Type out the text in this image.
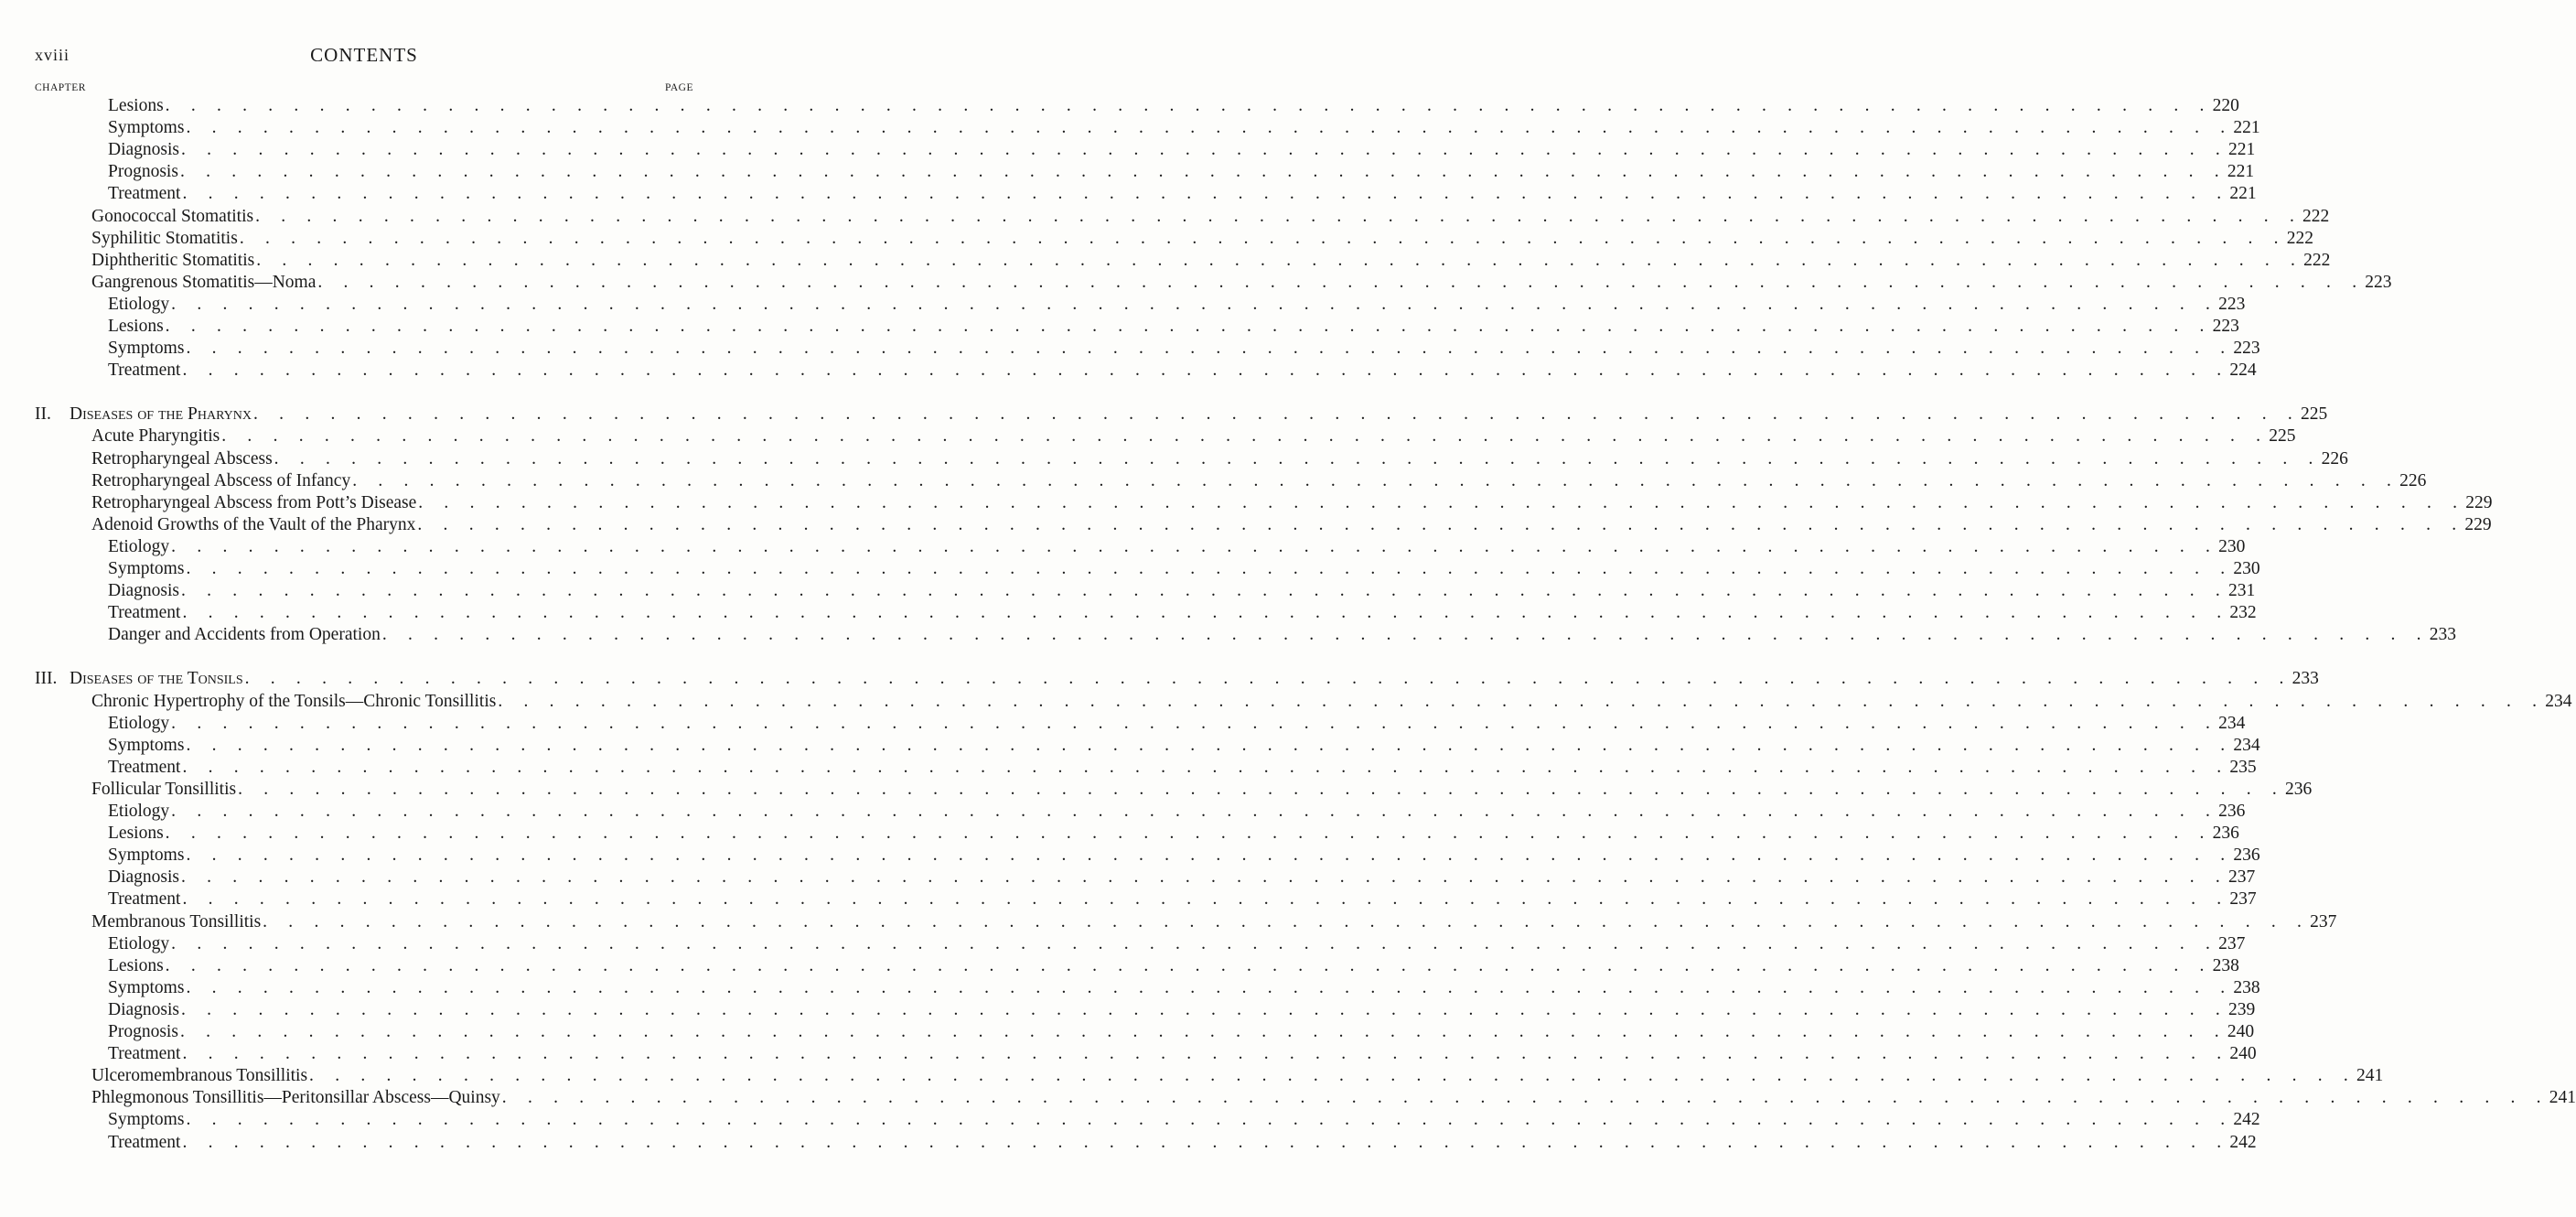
xviii	CONTENTS
CHAPTER	PAGE
Lesions . . . . . . . . . . . . . . . . . . . . . . . . . . . . . . . . . . . . . . . . . . . . . . . . . . . . . . . . . . . . . . . . . . . . . . . . . . . . . . . . 220
Symptoms . . . . . . . . . . . . . . . . . . . . . . . . . . . . . . . . . . . . . . . . . . . . . . . . . . . . . . . . . . . . . . . . . . . . . . . . . . . . . . . . 221
Diagnosis . . . . . . . . . . . . . . . . . . . . . . . . . . . . . . . . . . . . . . . . . . . . . . . . . . . . . . . . . . . . . . . . . . . . . . . . . . . . . . . . 221
Prognosis . . . . . . . . . . . . . . . . . . . . . . . . . . . . . . . . . . . . . . . . . . . . . . . . . . . . . . . . . . . . . . . . . . . . . . . . . . . . . . . . 221
Treatment . . . . . . . . . . . . . . . . . . . . . . . . . . . . . . . . . . . . . . . . . . . . . . . . . . . . . . . . . . . . . . . . . . . . . . . . . . . . . . . . 221
Gonococcal Stomatitis . . . . . . . . . . . . . . . . . . . . . . . . . . . . . . . . . . . . . . . . . . . . . . . . . . . . . . . . . . . . . . . . . . . . . . . . . . . . . . . . 222
Syphilitic Stomatitis . . . . . . . . . . . . . . . . . . . . . . . . . . . . . . . . . . . . . . . . . . . . . . . . . . . . . . . . . . . . . . . . . . . . . . . . . . . . . . . . 222
Diphtheritic Stomatitis . . . . . . . . . . . . . . . . . . . . . . . . . . . . . . . . . . . . . . . . . . . . . . . . . . . . . . . . . . . . . . . . . . . . . . . . . . . . . . . . 222
Gangrenous Stomatitis—Noma . . . . . . . . . . . . . . . . . . . . . . . . . . . . . . . . . . . . . . . . . . . . . . . . . . . . . . . . . . . . . . . . . . . . . . . . . . . . . . . . 223
Etiology . . . . . . . . . . . . . . . . . . . . . . . . . . . . . . . . . . . . . . . . . . . . . . . . . . . . . . . . . . . . . . . . . . . . . . . . . . . . . . . . 223
Lesions . . . . . . . . . . . . . . . . . . . . . . . . . . . . . . . . . . . . . . . . . . . . . . . . . . . . . . . . . . . . . . . . . . . . . . . . . . . . . . . . 223
Symptoms . . . . . . . . . . . . . . . . . . . . . . . . . . . . . . . . . . . . . . . . . . . . . . . . . . . . . . . . . . . . . . . . . . . . . . . . . . . . . . . . 223
Treatment . . . . . . . . . . . . . . . . . . . . . . . . . . . . . . . . . . . . . . . . . . . . . . . . . . . . . . . . . . . . . . . . . . . . . . . . . . . . . . . . 224
II. Diseases of the Pharynx . . . . . . . . . . . . . . . . . . . . . . . . . . . . . . . . . . . . . . . . . . . . . . . . . . . . . . . . . . . . . . . . . . . . . . . . . . . . . . . . 225
Acute Pharyngitis . . . . . . . . . . . . . . . . . . . . . . . . . . . . . . . . . . . . . . . . . . . . . . . . . . . . . . . . . . . . . . . . . . . . . . . . . . . . . . . . 225
Retropharyngeal Abscess . . . . . . . . . . . . . . . . . . . . . . . . . . . . . . . . . . . . . . . . . . . . . . . . . . . . . . . . . . . . . . . . . . . . . . . . . . . . . . . . 226
Retropharyngeal Abscess of Infancy . . . . . . . . . . . . . . . . . . . . . . . . . . . . . . . . . . . . . . . . . . . . . . . . . . . . . . . . . . . . . . . . . . . . . . . . . . . . . . . . 226
Retropharyngeal Abscess from Pott’s Disease . . . . . . . . . . . . . . . . . . . . . . . . . . . . . . . . . . . . . . . . . . . . . . . . . . . . . . . . . . . . . . . . . . . . . . . . . . . . . . . . 229
Adenoid Growths of the Vault of the Pharynx . . . . . . . . . . . . . . . . . . . . . . . . . . . . . . . . . . . . . . . . . . . . . . . . . . . . . . . . . . . . . . . . . . . . . . . . . . . . . . . . 229
Etiology . . . . . . . . . . . . . . . . . . . . . . . . . . . . . . . . . . . . . . . . . . . . . . . . . . . . . . . . . . . . . . . . . . . . . . . . . . . . . . . . 230
Symptoms . . . . . . . . . . . . . . . . . . . . . . . . . . . . . . . . . . . . . . . . . . . . . . . . . . . . . . . . . . . . . . . . . . . . . . . . . . . . . . . . 230
Diagnosis . . . . . . . . . . . . . . . . . . . . . . . . . . . . . . . . . . . . . . . . . . . . . . . . . . . . . . . . . . . . . . . . . . . . . . . . . . . . . . . . 231
Treatment . . . . . . . . . . . . . . . . . . . . . . . . . . . . . . . . . . . . . . . . . . . . . . . . . . . . . . . . . . . . . . . . . . . . . . . . . . . . . . . . 232
Danger and Accidents from Operation . . . . . . . . . . . . . . . . . . . . . . . . . . . . . . . . . . . . . . . . . . . . . . . . . . . . . . . . . . . . . . . . . . . . . . . . . . . . . . . . 233
III. Diseases of the Tonsils . . . . . . . . . . . . . . . . . . . . . . . . . . . . . . . . . . . . . . . . . . . . . . . . . . . . . . . . . . . . . . . . . . . . . . . . . . . . . . . . 233
Chronic Hypertrophy of the Tonsils—Chronic Tonsillitis . . . . . . . . . . . . . . . . . . . . . . . . . . . . . . . . . . . . . . . . . . . . . . . . . . . . . . . . . . . . . . . . . . . . . . . . . . . . . . . . 234
Etiology . . . . . . . . . . . . . . . . . . . . . . . . . . . . . . . . . . . . . . . . . . . . . . . . . . . . . . . . . . . . . . . . . . . . . . . . . . . . . . . . 234
Symptoms . . . . . . . . . . . . . . . . . . . . . . . . . . . . . . . . . . . . . . . . . . . . . . . . . . . . . . . . . . . . . . . . . . . . . . . . . . . . . . . . 234
Treatment . . . . . . . . . . . . . . . . . . . . . . . . . . . . . . . . . . . . . . . . . . . . . . . . . . . . . . . . . . . . . . . . . . . . . . . . . . . . . . . . 235
Follicular Tonsillitis . . . . . . . . . . . . . . . . . . . . . . . . . . . . . . . . . . . . . . . . . . . . . . . . . . . . . . . . . . . . . . . . . . . . . . . . . . . . . . . . 236
Etiology . . . . . . . . . . . . . . . . . . . . . . . . . . . . . . . . . . . . . . . . . . . . . . . . . . . . . . . . . . . . . . . . . . . . . . . . . . . . . . . . 236
Lesions . . . . . . . . . . . . . . . . . . . . . . . . . . . . . . . . . . . . . . . . . . . . . . . . . . . . . . . . . . . . . . . . . . . . . . . . . . . . . . . . 236
Symptoms . . . . . . . . . . . . . . . . . . . . . . . . . . . . . . . . . . . . . . . . . . . . . . . . . . . . . . . . . . . . . . . . . . . . . . . . . . . . . . . . 236
Diagnosis . . . . . . . . . . . . . . . . . . . . . . . . . . . . . . . . . . . . . . . . . . . . . . . . . . . . . . . . . . . . . . . . . . . . . . . . . . . . . . . . 237
Treatment . . . . . . . . . . . . . . . . . . . . . . . . . . . . . . . . . . . . . . . . . . . . . . . . . . . . . . . . . . . . . . . . . . . . . . . . . . . . . . . . 237
Membranous Tonsillitis . . . . . . . . . . . . . . . . . . . . . . . . . . . . . . . . . . . . . . . . . . . . . . . . . . . . . . . . . . . . . . . . . . . . . . . . . . . . . . . . 237
Etiology . . . . . . . . . . . . . . . . . . . . . . . . . . . . . . . . . . . . . . . . . . . . . . . . . . . . . . . . . . . . . . . . . . . . . . . . . . . . . . . . 237
Lesions . . . . . . . . . . . . . . . . . . . . . . . . . . . . . . . . . . . . . . . . . . . . . . . . . . . . . . . . . . . . . . . . . . . . . . . . . . . . . . . . 238
Symptoms . . . . . . . . . . . . . . . . . . . . . . . . . . . . . . . . . . . . . . . . . . . . . . . . . . . . . . . . . . . . . . . . . . . . . . . . . . . . . . . . 238
Diagnosis . . . . . . . . . . . . . . . . . . . . . . . . . . . . . . . . . . . . . . . . . . . . . . . . . . . . . . . . . . . . . . . . . . . . . . . . . . . . . . . . 239
Prognosis . . . . . . . . . . . . . . . . . . . . . . . . . . . . . . . . . . . . . . . . . . . . . . . . . . . . . . . . . . . . . . . . . . . . . . . . . . . . . . . . 240
Treatment . . . . . . . . . . . . . . . . . . . . . . . . . . . . . . . . . . . . . . . . . . . . . . . . . . . . . . . . . . . . . . . . . . . . . . . . . . . . . . . . 240
Ulceromembranous Tonsillitis . . . . . . . . . . . . . . . . . . . . . . . . . . . . . . . . . . . . . . . . . . . . . . . . . . . . . . . . . . . . . . . . . . . . . . . . . . . . . . . . 241
Phlegmonous Tonsillitis—Peritonsillar Abscess—Quinsy . . . . . . . . . . . . . . . . . . . . . . . . . . . . . . . . . . . . . . . . . . . . . . . . . . . . . . . . . . . . . . . . . . . . . . . . . . . . . . . . 241
Symptoms . . . . . . . . . . . . . . . . . . . . . . . . . . . . . . . . . . . . . . . . . . . . . . . . . . . . . . . . . . . . . . . . . . . . . . . . . . . . . . . . 242
Treatment . . . . . . . . . . . . . . . . . . . . . . . . . . . . . . . . . . . . . . . . . . . . . . . . . . . . . . . . . . . . . . . . . . . . . . . . . . . . . . . . 242
